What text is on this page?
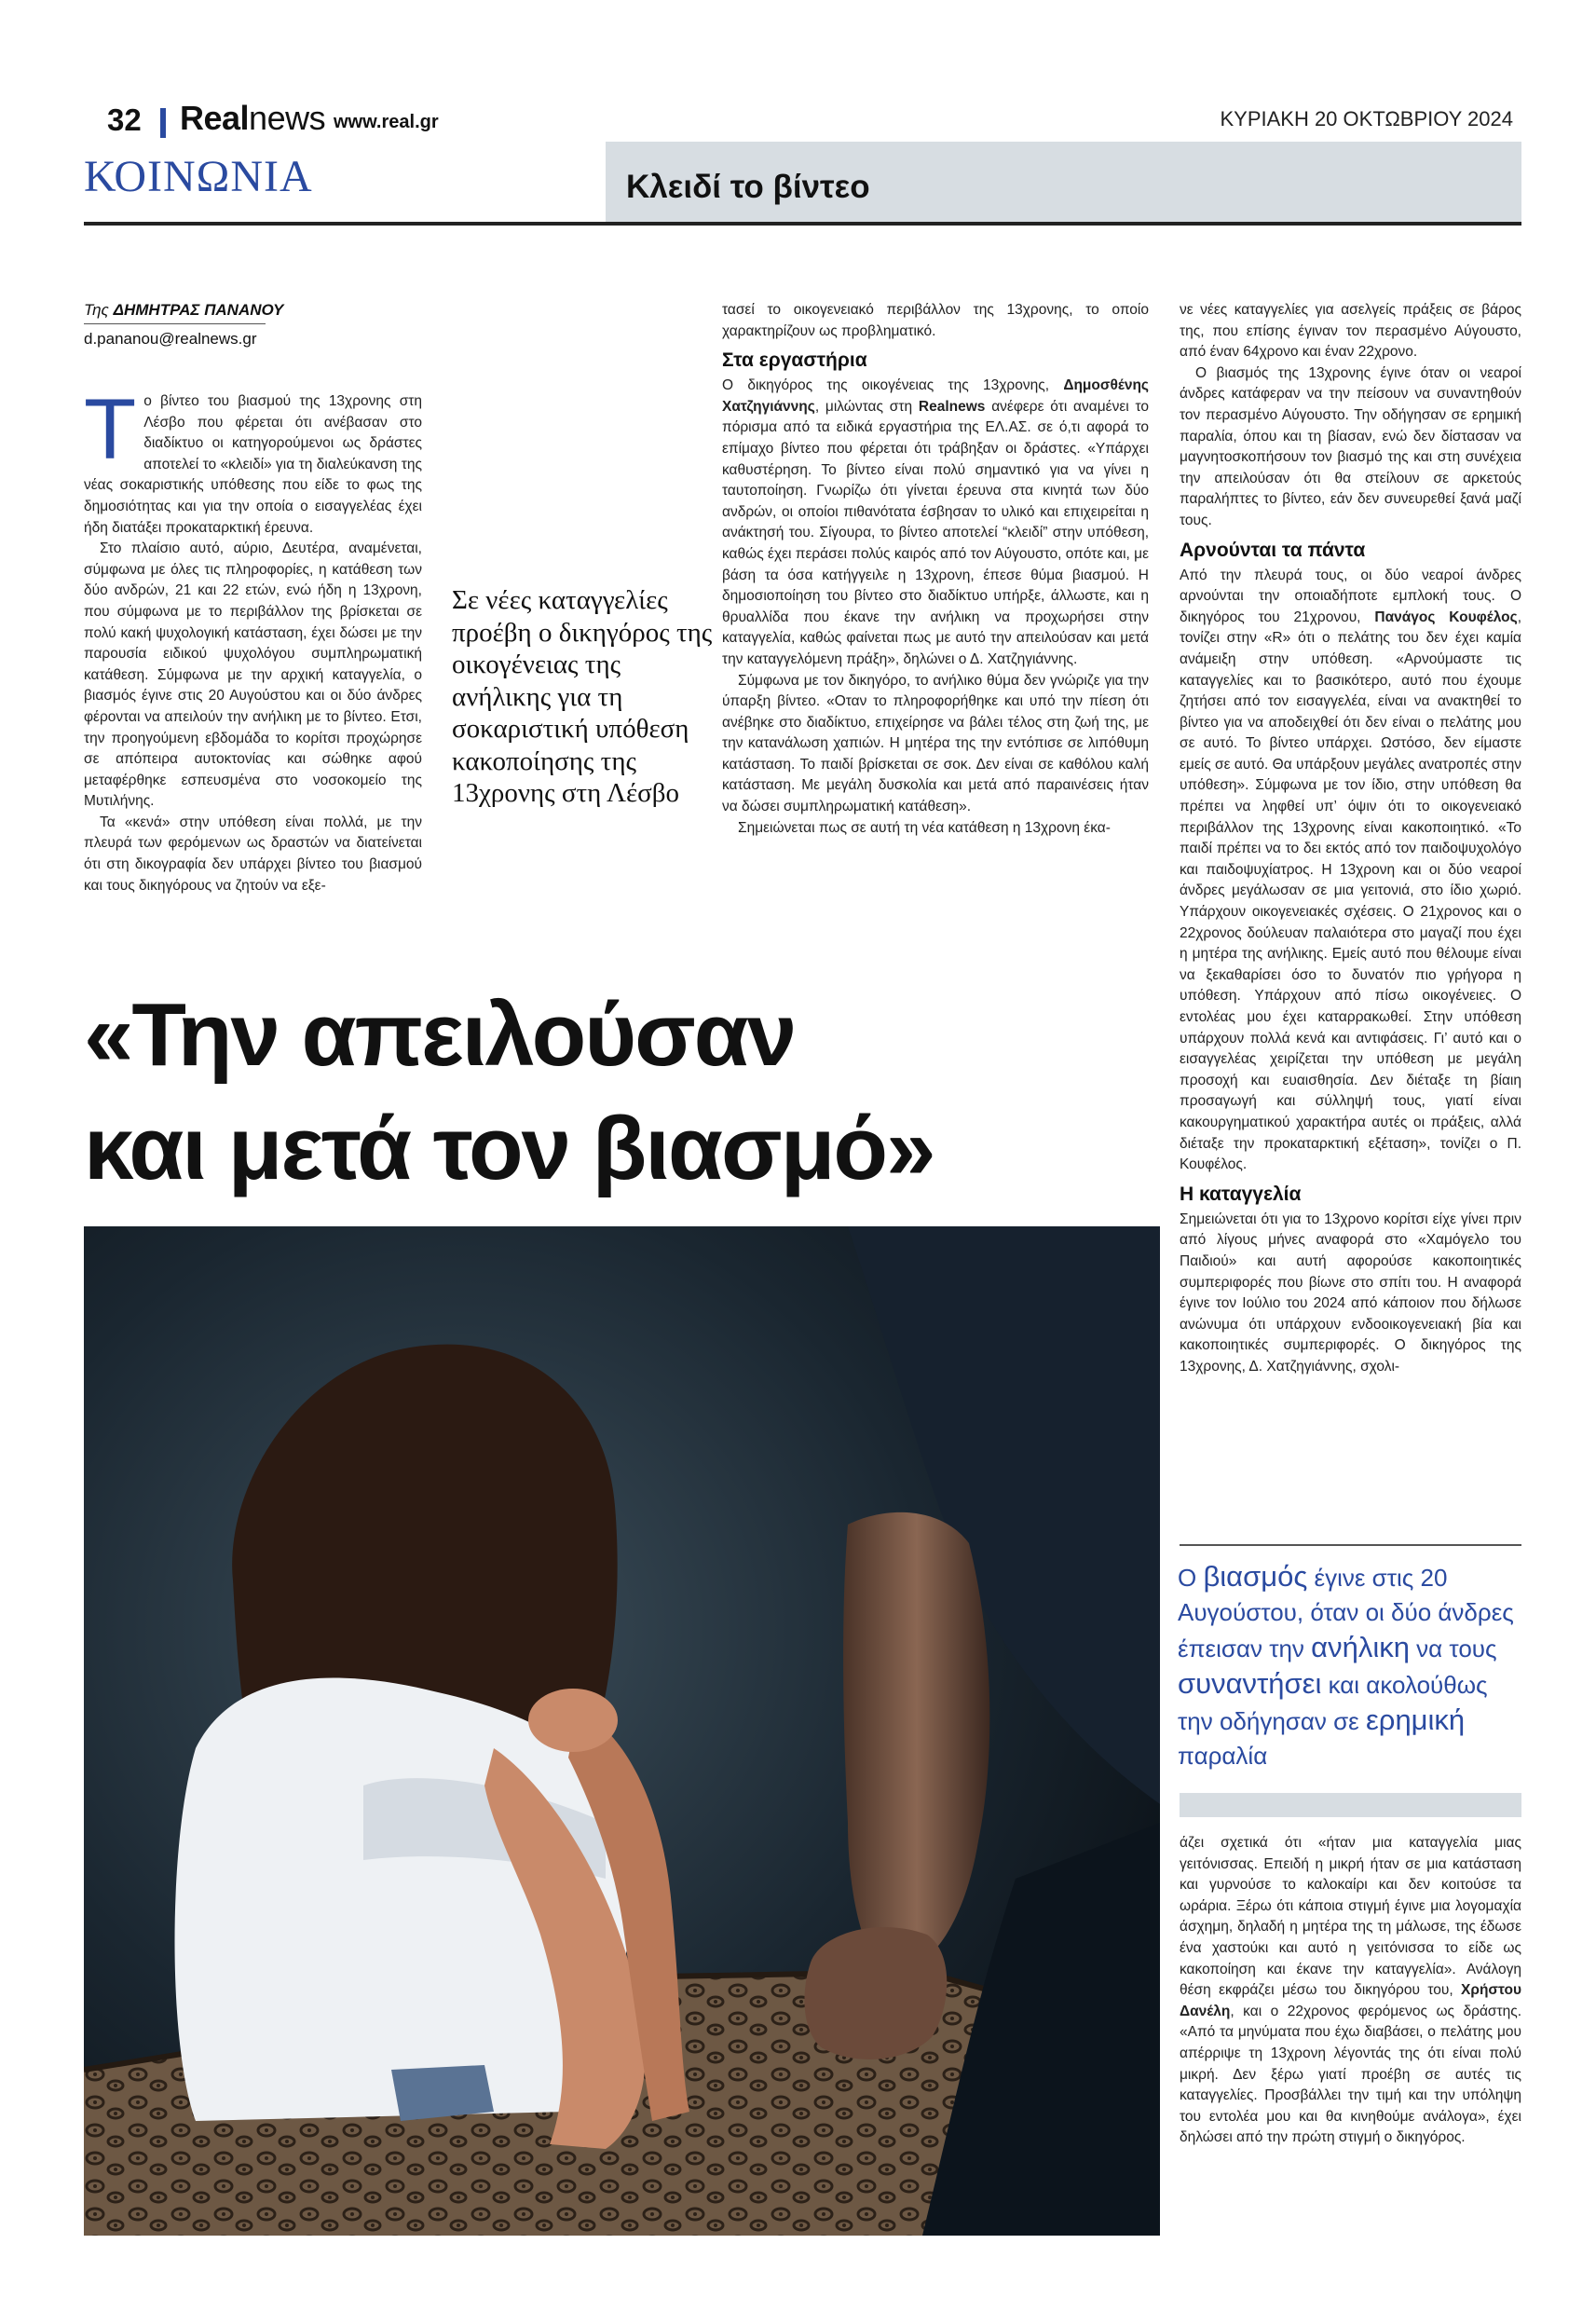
32 Realnews www.real.gr	ΚΥΡΙΑΚΗ 20 ΟΚΤΩΒΡΙΟΥ 2024
ΚΟΙΝΩΝΙΑ	Κλειδί το βίντεο
Της ΔΗΜΗΤΡΑΣ ΠΑΝΑΝΟΥ
d.pananou@realnews.gr

Το βίντεο του βιασμού της 13χρονης στη Λέσβο που φέρεται ότι ανέβασαν στο διαδίκτυο οι κατηγορούμενοι ως δράστες αποτελεί το «κλειδί» για τη διαλεύκανση της νέας σοκαριστικής υπόθεσης που είδε το φως της δημοσιότητας και για την οποία ο εισαγγελέας έχει ήδη διατάξει προκαταρκτική έρευνα.

Στο πλαίσιο αυτό, αύριο, Δευτέρα, αναμένεται, σύμφωνα με όλες τις πληροφορίες, η κατάθεση των δύο ανδρών, 21 και 22 ετών, ενώ ήδη η 13χρονη, που σύμφωνα με το περιβάλλον της βρίσκεται σε πολύ κακή ψυχολογική κατάσταση, έχει δώσει με την παρουσία ειδικού ψυχολόγου συμπληρωματική κατάθεση. Σύμφωνα με την αρχική καταγγελία, ο βιασμός έγινε στις 20 Αυγούστου και οι δύο άνδρες φέρονται να απειλούν την ανήλικη με το βίντεο. Ετσι, την προηγούμενη εβδομάδα το κορίτσι προχώρησε σε απόπειρα αυτοκτονίας και σώθηκε αφού μεταφέρθηκε εσπευσμένα στο νοσοκομείο της Μυτιλήνης.

Τα «κενά» στην υπόθεση είναι πολλά, με την πλευρά των φερόμενων ως δραστών να διατείνεται ότι στη δικογραφία δεν υπάρχει βίντεο του βιασμού και τους δικηγόρους να ζητούν να εξε-

Σε νέες καταγγελίες προέβη ο δικηγόρος της οικογένειας της ανήλικης για τη σοκαριστική υπόθεση κακοποίησης της 13χρονης στη Λέσβο

τασεί το οικογενειακό περιβάλλον της 13χρονης, το οποίο χαρακτηρίζουν ως προβληματικό.

Στα εργαστήρια

Ο δικηγόρος της οικογένειας της 13χρονης, Δημοσθένης Χατζηγιάννης, μιλώντας στη Realnews ανέφερε ότι αναμένει το πόρισμα από τα ειδικά εργαστήρια της ΕΛ.ΑΣ. σε ό,τι αφορά το επίμαχο βίντεο που φέρεται ότι τράβηξαν οι δράστες. «Υπάρχει καθυστέρηση. Το βίντεο είναι πολύ σημαντικό για να γίνει η ταυτοποίηση. Γνωρίζω ότι γίνεται έρευνα στα κινητά των δύο ανδρών, οι οποίοι πιθανότατα έσβησαν το υλικό και επιχειρείται η ανάκτησή του. Σίγουρα, το βίντεο αποτελεί “κλειδί” στην υπόθεση, καθώς έχει περάσει πολύς καιρός από τον Αύγουστο, οπότε και, με βάση τα όσα κατήγγειλε η 13χρονη, έπεσε θύμα βιασμού. Η δημοσιοποίηση του βίντεο στο διαδίκτυο υπήρξε, άλλωστε, και η θρυαλλίδα που έκανε την ανήλικη να προχωρήσει στην καταγγελία, καθώς φαίνεται πως με αυτό την απειλούσαν και μετά την καταγγελόμενη πράξη», δηλώνει ο Δ. Χατζηγιάννης.

Σύμφωνα με τον δικηγόρο, το ανήλικο θύμα δεν γνώριζε για την ύπαρξη βίντεο. «Οταν το πληροφορήθηκε και υπό την πίεση ότι ανέβηκε στο διαδίκτυο, επιχείρησε να βάλει τέλος στη ζωή της, με την κατανάλωση χαπιών. Η μητέρα της την εντόπισε σε λιπόθυμη κατάσταση. Το παιδί βρίσκεται σε σοκ. Δεν είναι σε καθόλου καλή κατάσταση. Με μεγάλη δυσκολία και μετά από παραινέσεις ήταν να δώσει συμπληρωματική κατάθεση».

Σημειώνεται πως σε αυτή τη νέα κατάθεση η 13χρονη έκα-

νε νέες καταγγελίες για ασελγείς πράξεις σε βάρος της, που επίσης έγιναν τον περασμένο Αύγουστο, από έναν 64χρονο και έναν 22χρονο.

Ο βιασμός της 13χρονης έγινε όταν οι νεαροί άνδρες κατάφεραν να την πείσουν να συναντηθούν τον περασμένο Αύγουστο. Την οδήγησαν σε ερημική παραλία, όπου και τη βίασαν, ενώ δεν δίστασαν να μαγνητοσκοπήσουν τον βιασμό της και στη συνέχεια την απειλούσαν ότι θα στείλουν σε αρκετούς παραλήπτες το βίντεο, εάν δεν συνευρεθεί ξανά μαζί τους.

Αρνούνται τα πάντα

Από την πλευρά τους, οι δύο νεαροί άνδρες αρνούνται την οποιαδήποτε εμπλοκή τους. Ο δικηγόρος του 21χρονου, Πανάγος Κουφέλος, τονίζει στην «R» ότι ο πελάτης του δεν έχει καμία ανάμειξη στην υπόθεση. «Αρνούμαστε τις καταγγελίες και το βασικότερο, αυτό που έχουμε ζητήσει από τον εισαγγελέα, είναι να ανακτηθεί το βίντεο για να αποδειχθεί ότι δεν είναι ο πελάτης μου σε αυτό. Το βίντεο υπάρχει. Ωστόσο, δεν είμαστε εμείς σε αυτό. Θα υπάρξουν μεγάλες ανατροπές στην υπόθεση». Σύμφωνα με τον ίδιο, στην υπόθεση θα πρέπει να ληφθεί υπ’ όψιν ότι το οικογενειακό περιβάλλον της 13χρονης είναι κακοποιητικό. «Το παιδί πρέπει να το δει εκτός από τον παιδοψυχολόγο και παιδοψυχίατρος. Η 13χρονη και οι δύο νεαροί άνδρες μεγάλωσαν σε μια γειτονιά, στο ίδιο χωριό. Υπάρχουν οικογενειακές σχέσεις. Ο 21χρονος και ο 22χρονος δούλευαν παλαιότερα στο μαγαζί που έχει η μητέρα της ανήλικης. Εμείς αυτό που θέλουμε είναι να ξεκαθαρίσει όσο το δυνατόν πιο γρήγορα η υπόθεση. Υπάρχουν από πίσω οικογένειες. Ο εντολέας μου έχει καταρρακωθεί. Στην υπόθεση υπάρχουν πολλά κενά και αντιφάσεις. Γι’ αυτό και ο εισαγγελέας χειρίζεται την υπόθεση με μεγάλη προσοχή και ευαισθησία. Δεν διέταξε τη βίαιη προσαγωγή και σύλληψή τους, γιατί είναι κακουργηματικού χαρακτήρα αυτές οι πράξεις, αλλά διέταξε την προκαταρκτική εξέταση», τονίζει ο Π. Κουφέλος.

Η καταγγελία

Σημειώνεται ότι για το 13χρονο κορίτσι είχε γίνει πριν από λίγους μήνες αναφορά στο «Χαμόγελο του Παιδιού» και αυτή αφορούσε κακοποιητικές συμπεριφορές που βίωνε στο σπίτι του. Η αναφορά έγινε τον Ιούλιο του 2024 από κάποιον που δήλωσε ανώνυμα ότι υπάρχουν ενδοοικογενειακή βία και κακοποιητικές συμπεριφορές. Ο δικηγόρος της 13χρονης, Δ. Χατζηγιάννης, σχολι-

«Την απειλούσαν
και μετά τον βιασμό»
Ο βιασμός έγινε στις 20 Αυγούστου, όταν οι δύο άνδρες έπεισαν την ανήλικη να τους συναντήσει και ακολούθως την οδήγησαν σε ερημική παραλία

άζει σχετικά ότι «ήταν μια καταγγελία μιας γειτόνισσας. Επειδή η μικρή ήταν σε μια κατάσταση και γυρνούσε το καλοκαίρι και δεν κοιτούσε τα ωράρια. Ξέρω ότι κάποια στιγμή έγινε μια λογομαχία άσχημη, δηλαδή η μητέρα της τη μάλωσε, της έδωσε ένα χαστούκι και αυτό η γειτόνισσα το είδε ως κακοποίηση και έκανε την καταγγελία». Ανάλογη θέση εκφράζει μέσω του δικηγόρου του, Χρήστου Δανέλη, και ο 22χρονος φερόμενος ως δράστης. «Από τα μηνύματα που έχω διαβάσει, ο πελάτης μου απέρριψε τη 13χρονη λέγοντάς της ότι είναι πολύ μικρή. Δεν ξέρω γιατί προέβη σε αυτές τις καταγγελίες. Προσβάλλει την τιμή και την υπόληψη του εντολέα μου και θα κινηθούμε ανάλογα», έχει δηλώσει από την πρώτη στιγμή ο δικηγόρος.
